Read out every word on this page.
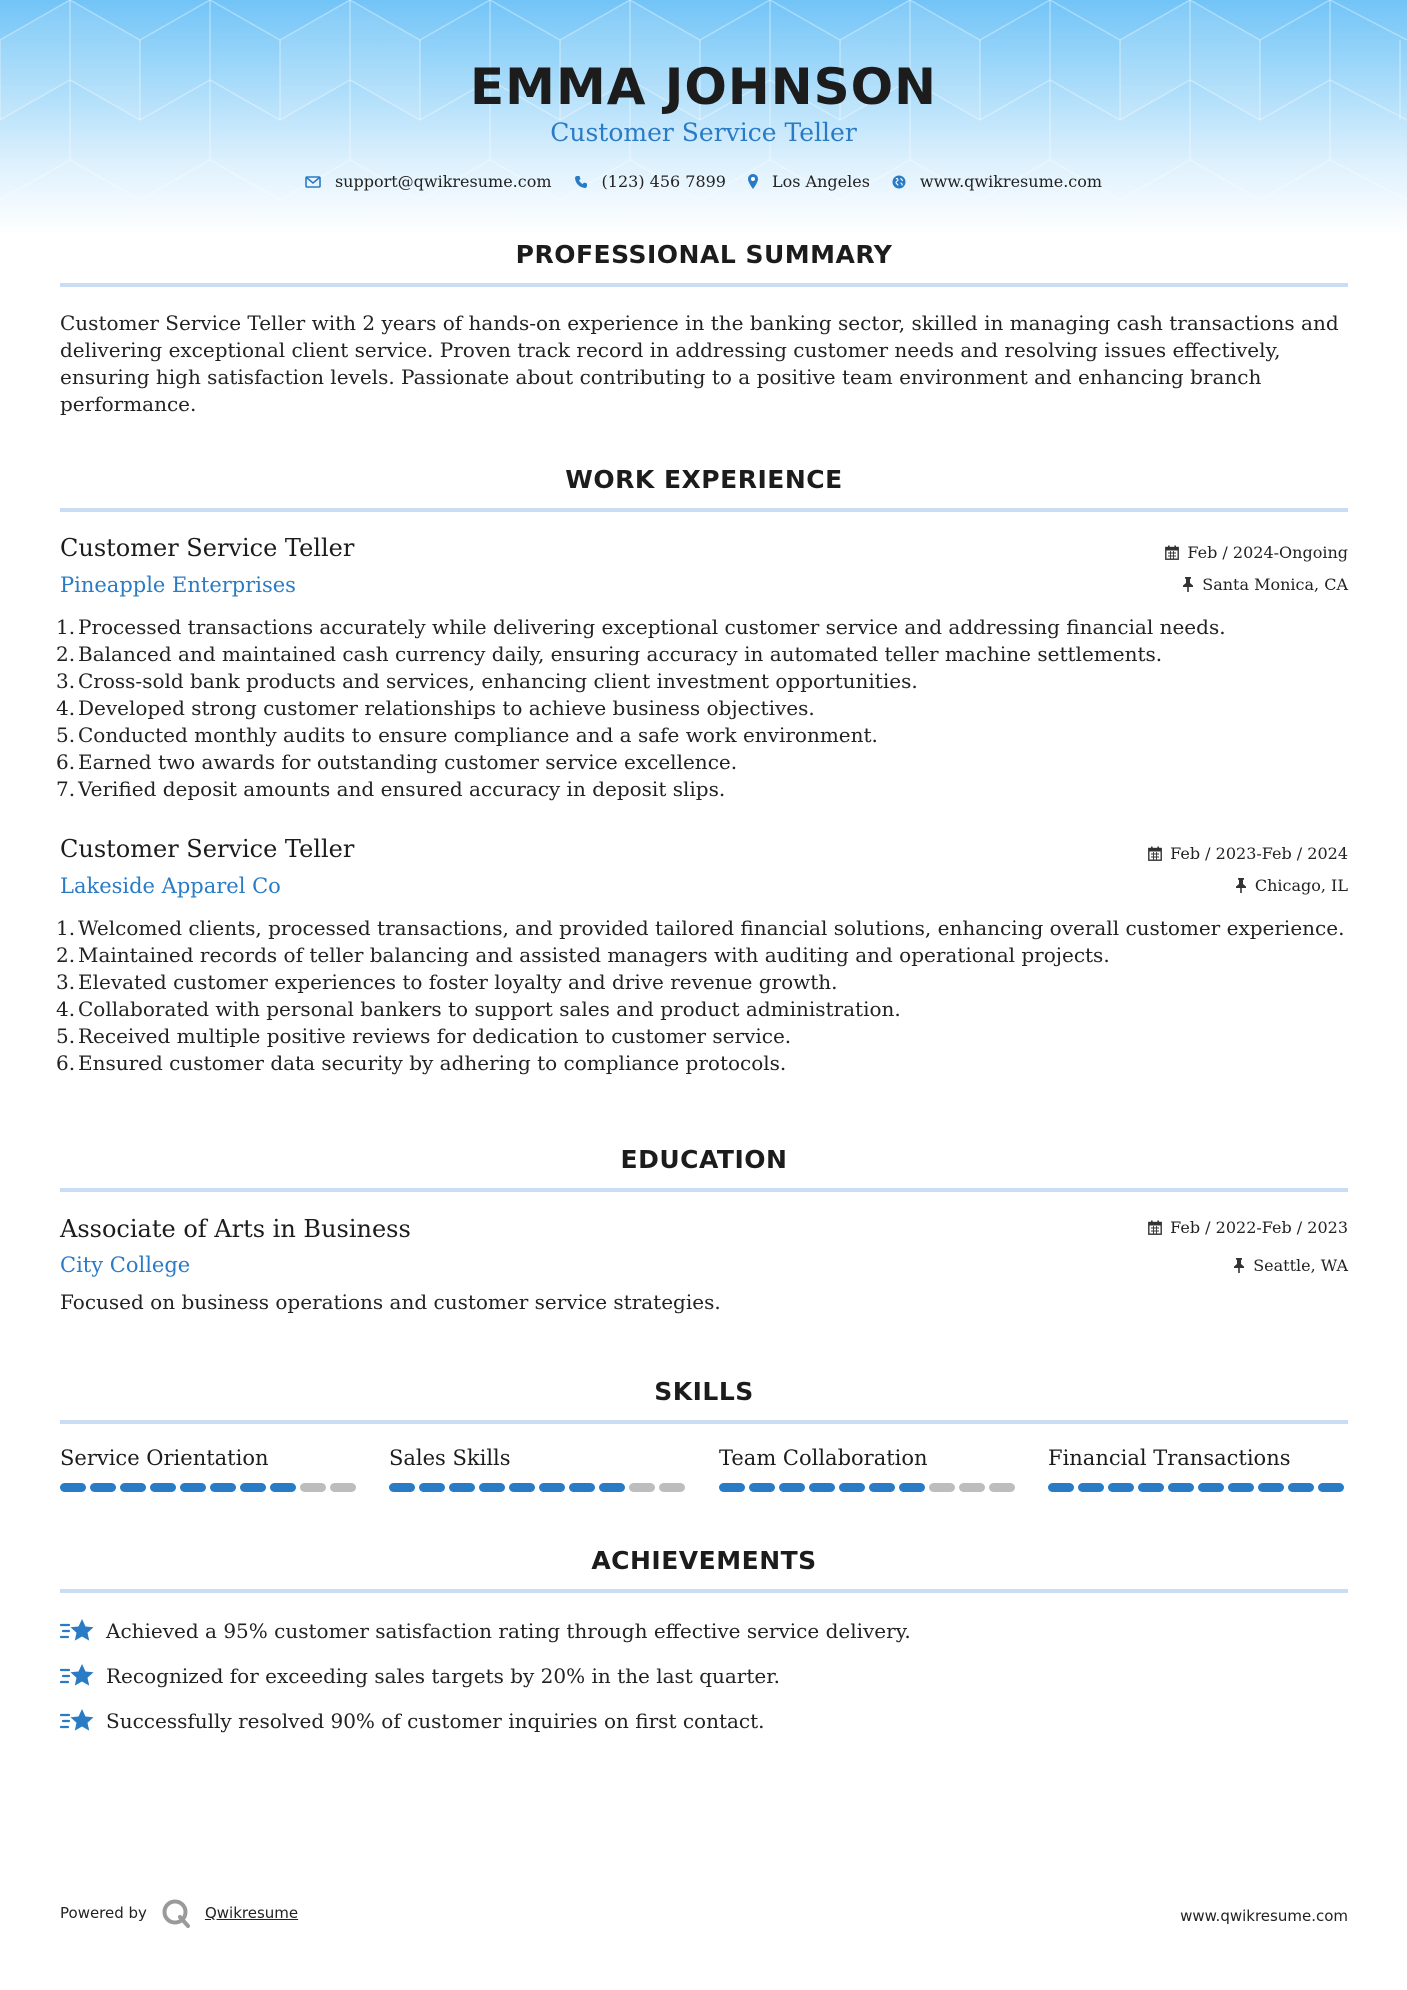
EMMA JOHNSON
Customer Service Teller
support@qwikresume.com	(123) 456 7899	Los Angeles	www.qwikresume.com
PROFESSIONAL SUMMARY
Customer Service Teller with 2 years of hands-on experience in the banking sector, skilled in managing cash transactions and delivering exceptional client service. Proven track record in addressing customer needs and resolving issues effectively, ensuring high satisfaction levels. Passionate about contributing to a positive team environment and enhancing branch performance.
WORK EXPERIENCE
Customer Service Teller
Pineapple Enterprises
Feb / 2024-Ongoing
Santa Monica, CA
1. Processed transactions accurately while delivering exceptional customer service and addressing financial needs.
2. Balanced and maintained cash currency daily, ensuring accuracy in automated teller machine settlements.
3. Cross-sold bank products and services, enhancing client investment opportunities.
4. Developed strong customer relationships to achieve business objectives.
5. Conducted monthly audits to ensure compliance and a safe work environment.
6. Earned two awards for outstanding customer service excellence.
7. Verified deposit amounts and ensured accuracy in deposit slips.
Customer Service Teller
Lakeside Apparel Co
Feb / 2023-Feb / 2024
Chicago, IL
1. Welcomed clients, processed transactions, and provided tailored financial solutions, enhancing overall customer experience.
2. Maintained records of teller balancing and assisted managers with auditing and operational projects.
3. Elevated customer experiences to foster loyalty and drive revenue growth.
4. Collaborated with personal bankers to support sales and product administration.
5. Received multiple positive reviews for dedication to customer service.
6. Ensured customer data security by adhering to compliance protocols.
EDUCATION
Associate of Arts in Business
City College
Feb / 2022-Feb / 2023
Seattle, WA
Focused on business operations and customer service strategies.
SKILLS
Service Orientation	Sales Skills	Team Collaboration	Financial Transactions
ACHIEVEMENTS
Achieved a 95% customer satisfaction rating through effective service delivery.
Recognized for exceeding sales targets by 20% in the last quarter.
Successfully resolved 90% of customer inquiries on first contact.
Powered by	Qwikresume	www.qwikresume.com
